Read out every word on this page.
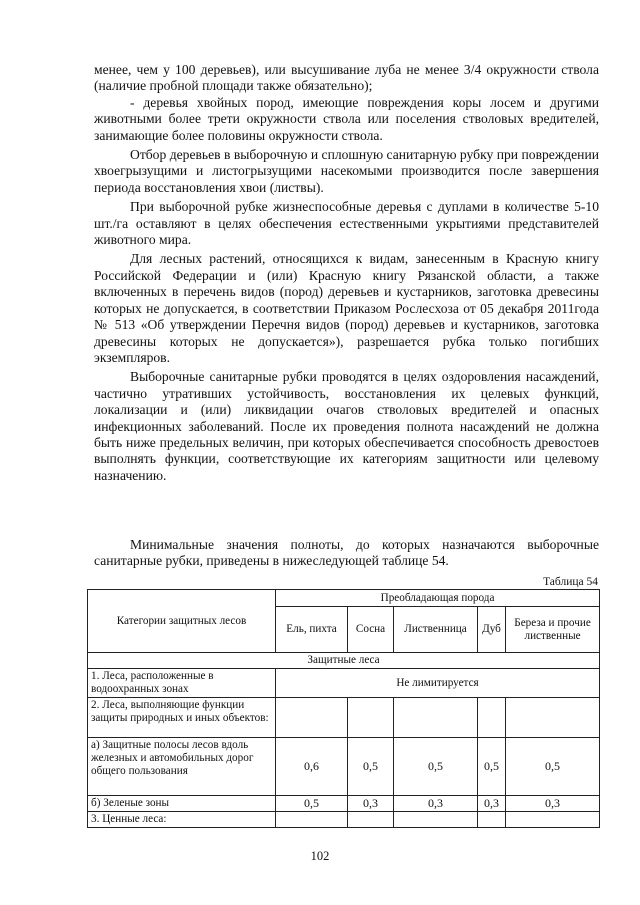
менее, чем у 100 деревьев), или высушивание луба не менее 3/4 окружности ствола (наличие пробной площади также обязательно);

- деревья хвойных пород, имеющие повреждения коры лосем и другими животными более трети окружности ствола или поселения стволовых вредителей, занимающие более половины окружности ствола.

Отбор деревьев в выборочную и сплошную санитарную рубку при повреждении хвоегрызущими и листогрызущими насекомыми производится после завершения периода восстановления хвои (листвы).

При выборочной рубке жизнеспособные деревья с дуплами в количестве 5-10 шт./га оставляют в целях обеспечения естественными укрытиями представителей животного мира.

Для лесных растений, относящихся к видам, занесенным в Красную книгу Российской Федерации и (или) Красную книгу Рязанской области, а также включенных в перечень видов (пород) деревьев и кустарников, заготовка древесины которых не допускается, в соответствии Приказом Рослесхоза от 05 декабря 2011года № 513 «Об утверждении Перечня видов (пород) деревьев и кустарников, заготовка древесины которых не допускается»), разрешается рубка только погибших экземпляров.

Выборочные санитарные рубки проводятся в целях оздоровления насаждений, частично утративших устойчивость, восстановления их целевых функций, локализации и (или) ликвидации очагов стволовых вредителей и опасных инфекционных заболеваний. После их проведения полнота насаждений не должна быть ниже предельных величин, при которых обеспечивается способность древостоев выполнять функции, соответствующие их категориям защитности или целевому назначению.

Минимальные значения полноты, до которых назначаются выборочные санитарные рубки, приведены в нижеследующей таблице 54.

Таблица 54
Категории защитных лесов	Преобладающая порода				
	Ель, пихта	Сосна	Лиственница	Дуб	Береза и прочие лиственные
Защитные леса					
1. Леса, расположенные в водоохранных зонах	Не лимитируется				
2. Леса, выполняющие функции защиты природных и иных объектов:					
а) Защитные полосы лесов вдоль железных и автомобильных дорог общего пользования	0,6	0,5	0,5	0,5	0,5
б) Зеленые зоны	0,5	0,3	0,3	0,3	0,3
3. Ценные леса:					
102
